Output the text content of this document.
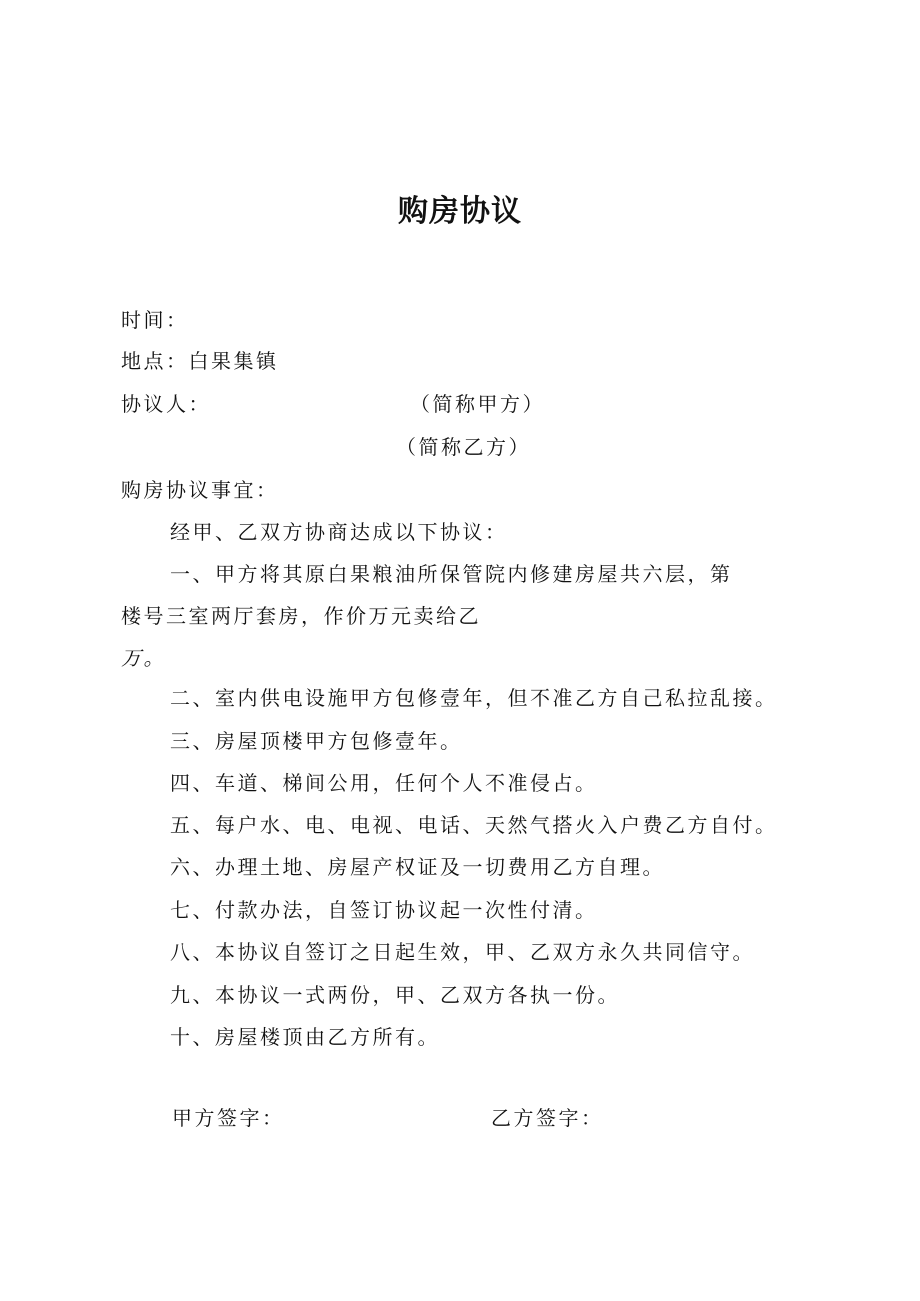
购房协议
时间：
地点：白果集镇
协议人：	（简称甲方）
（简称乙方）
购房协议事宜：
经甲、乙双方协商达成以下协议：
一、甲方将其原白果粮油所保管院内修建房屋共六层，第
楼号三室两厅套房，作价万元卖给乙
万。
二、室内供电设施甲方包修壹年，但不准乙方自己私拉乱接。
三、房屋顶楼甲方包修壹年。
四、车道、梯间公用，任何个人不准侵占。
五、每户水、电、电视、电话、天然气搭火入户费乙方自付。
六、办理土地、房屋产权证及一切费用乙方自理。
七、付款办法，自签订协议起一次性付清。
八、本协议自签订之日起生效，甲、乙双方永久共同信守。
九、本协议一式两份，甲、乙双方各执一份。
十、房屋楼顶由乙方所有。
甲方签字：	乙方签字：
